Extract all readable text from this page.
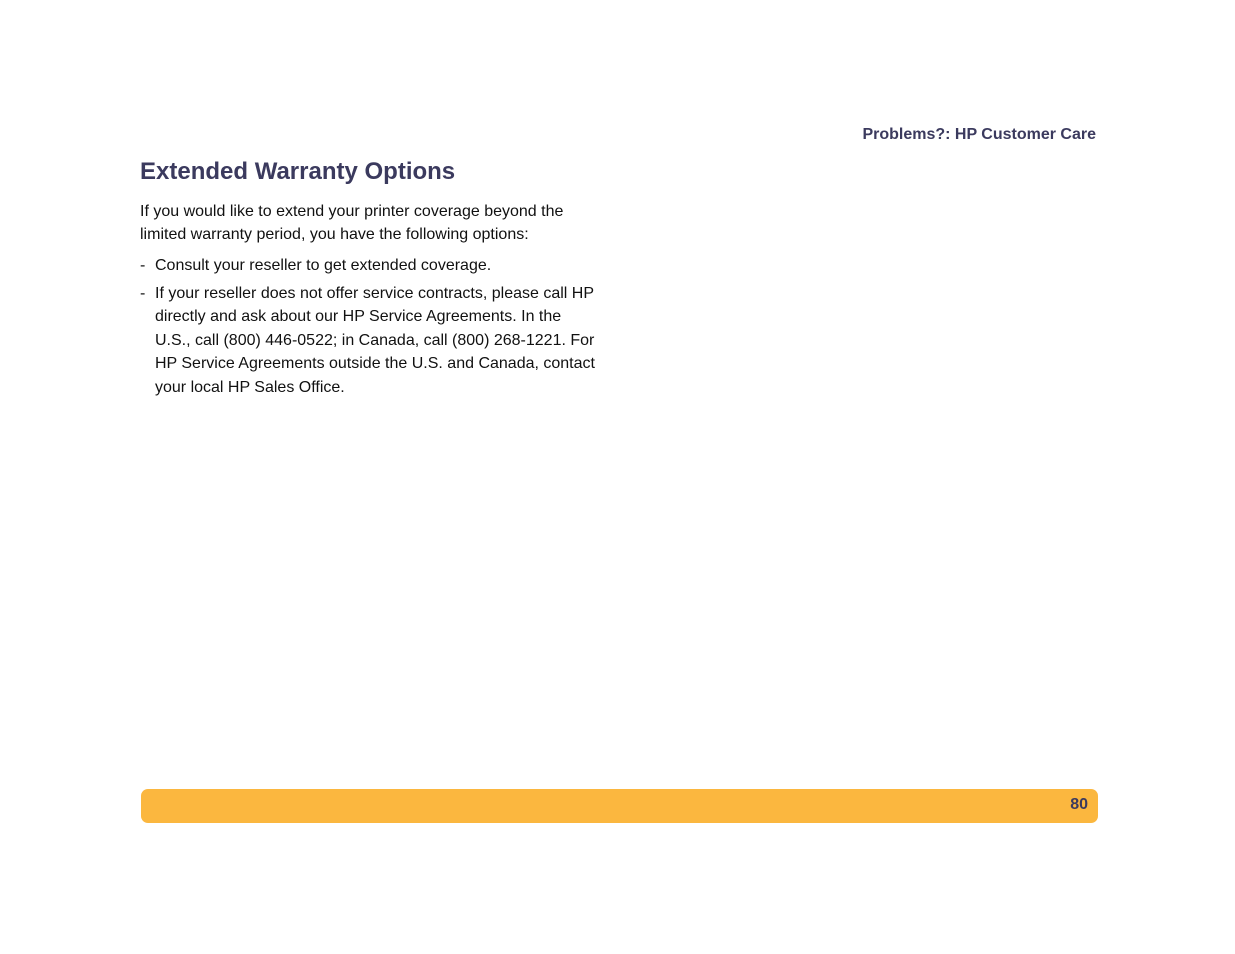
Problems?: HP Customer Care
Extended Warranty Options

If you would like to extend your printer coverage beyond the limited warranty period, you have the following options:

- Consult your reseller to get extended coverage.
- If your reseller does not offer service contracts, please call HP directly and ask about our HP Service Agreements. In the U.S., call (800) 446-0522; in Canada, call (800) 268-1221. For HP Service Agreements outside the U.S. and Canada, contact your local HP Sales Office.
80
